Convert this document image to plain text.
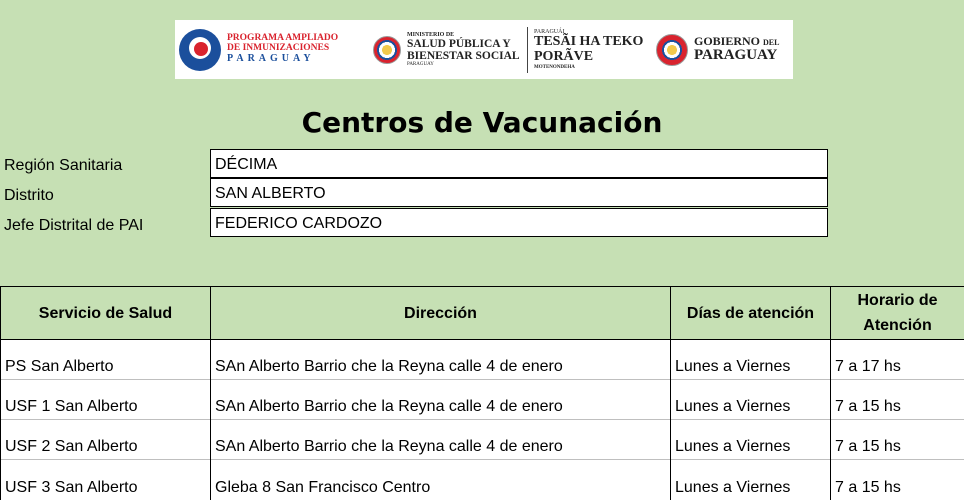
PROGRAMA AMPLIADO
DE INMUNIZACIONES
PARAGUAY
MINISTERIO DE
SALUD PÚBLICA Y
BIENESTAR SOCIAL
PARAGUAY
PARAGUÁI
TESÃI HA TEKO
PORÃVE
MOTENONDEHA
GOBIERNO DEL
PARAGUAY
Centros de Vacunación
Región Sanitaria	DÉCIMA
Distrito	SAN ALBERTO
Jefe Distrital de PAI	FEDERICO CARDOZO
Servicio de Salud	Dirección	Días de atención	Horario de
Atención

PS San Alberto	SAn Alberto Barrio che la Reyna calle 4 de enero	Lunes a Viernes	7 a 17 hs
USF 1 San Alberto	SAn Alberto Barrio che la Reyna calle 4 de enero	Lunes a Viernes	7 a 15 hs
USF 2 San Alberto	SAn Alberto Barrio che la Reyna calle 4 de enero	Lunes a Viernes	7 a 15 hs
USF 3 San Alberto	Gleba 8 San Francisco Centro	Lunes a Viernes	7 a 15 hs
